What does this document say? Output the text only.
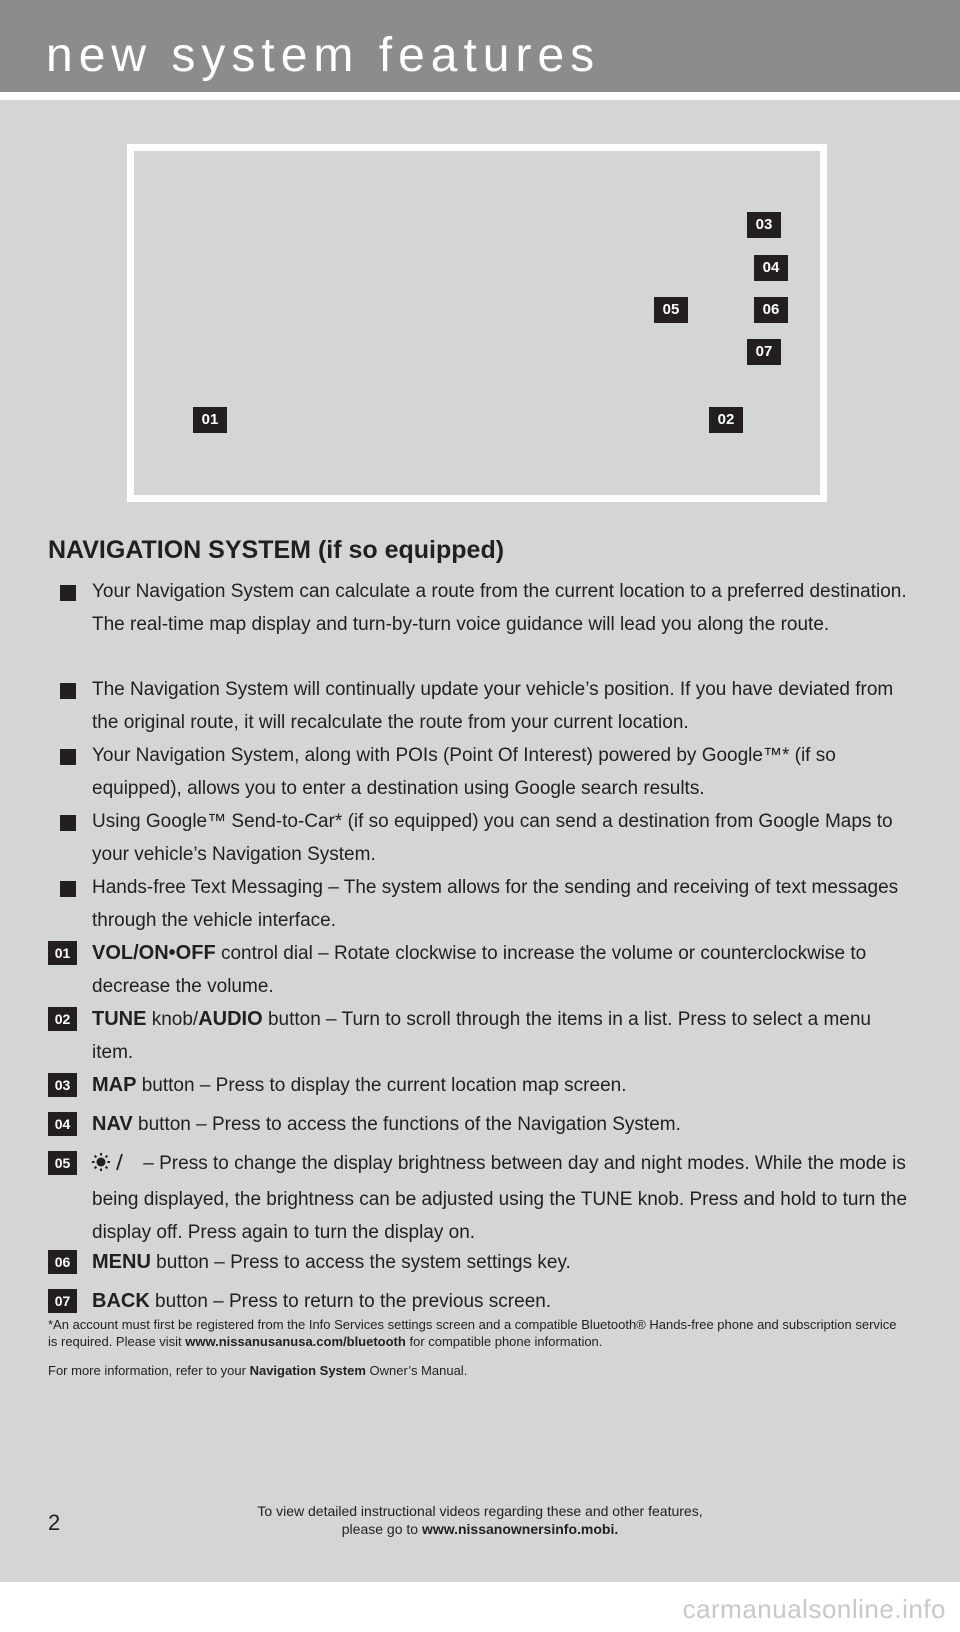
new system features
03
04
05	06
07
01	02
NAVIGATION SYSTEM (if so equipped)
Your Navigation System can calculate a route from the current location to a preferred destination. The real-time map display and turn-by-turn voice guidance will lead you along the route.
The Navigation System will continually update your vehicle’s position. If you have deviated from the original route, it will recalculate the route from your current location.
Your Navigation System, along with POIs (Point Of Interest) powered by Google™* (if so equipped), allows you to enter a destination using Google search results.
Using Google™ Send-to-Car* (if so equipped) you can send a destination from Google Maps to your vehicle’s Navigation System.
Hands-free Text Messaging – The system allows for the sending and receiving of text messages through the vehicle interface.
01	VOL/ON•OFF control dial – Rotate clockwise to increase the volume or counterclockwise to decrease the volume.
02	TUNE knob/AUDIO button – Turn to scroll through the items in a list. Press to select a menu item.
03	MAP button – Press to display the current location map screen.
04	NAV button – Press to access the functions of the Navigation System.
05	– Press to change the display brightness between day and night modes. While the mode is being displayed, the brightness can be adjusted using the TUNE knob. Press and hold to turn the display off. Press again to turn the display on.
06	MENU button – Press to access the system settings key.
07	BACK button – Press to return to the previous screen.
*An account must first be registered from the Info Services settings screen and a compatible Bluetooth® Hands-free phone and subscription service is required. Please visit www.nissanusanusa.com/bluetooth for compatible phone information.
For more information, refer to your Navigation System Owner’s Manual.
2	To view detailed instructional videos regarding these and other features,
please go to www.nissanownersinfo.mobi.
carmanualsonline.info
